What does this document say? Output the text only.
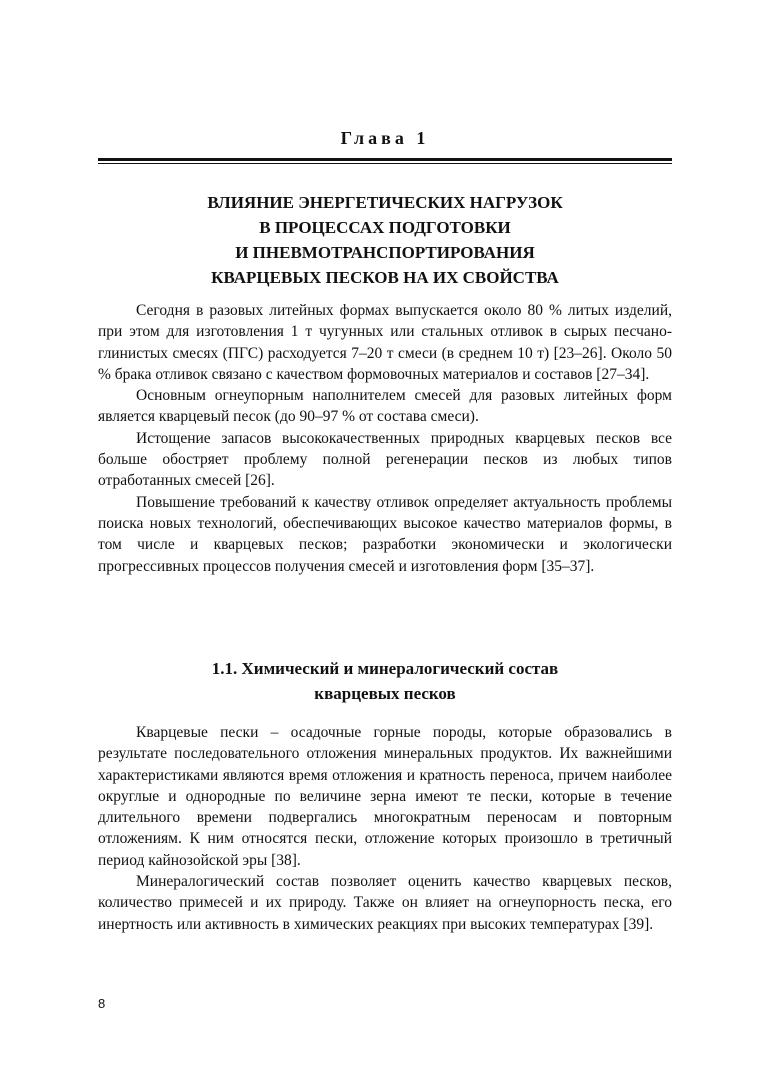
Глава 1
ВЛИЯНИЕ ЭНЕРГЕТИЧЕСКИХ НАГРУЗОК
В ПРОЦЕССАХ ПОДГОТОВКИ
И ПНЕВМОТРАНСПОРТИРОВАНИЯ
КВАРЦЕВЫХ ПЕСКОВ НА ИХ СВОЙСТВА

Сегодня в разовых литейных формах выпускается около 80 % литых изделий, при этом для изготовления 1 т чугунных или стальных отливок в сырых песчано-глинистых смесях (ПГС) расходуется 7–20 т смеси (в среднем 10 т) [23–26]. Около 50 % брака отливок связано с качеством формовочных материалов и составов [27–34].

Основным огнеупорным наполнителем смесей для разовых литейных форм является кварцевый песок (до 90–97 % от состава смеси).

Истощение запасов высококачественных природных кварцевых песков все больше обостряет проблему полной регенерации песков из любых типов отработанных смесей [26].

Повышение требований к качеству отливок определяет актуальность проблемы поиска новых технологий, обеспечивающих высокое качество материалов формы, в том числе и кварцевых песков; разработки экономически и экологически прогрессивных процессов получения смесей и изготовления форм [35–37].

1.1. Химический и минералогический состав
кварцевых песков

Кварцевые пески – осадочные горные породы, которые образовались в результате последовательного отложения минеральных продуктов. Их важнейшими характеристиками являются время отложения и кратность переноса, причем наиболее округлые и однородные по величине зерна имеют те пески, которые в течение длительного времени подвергались многократным переносам и повторным отложениям. К ним относятся пески, отложение которых произошло в третичный период кайнозойской эры [38].

Минералогический состав позволяет оценить качество кварцевых песков, количество примесей и их природу. Также он влияет на огнеупорность песка, его инертность или активность в химических реакциях при высоких температурах [39].

8
